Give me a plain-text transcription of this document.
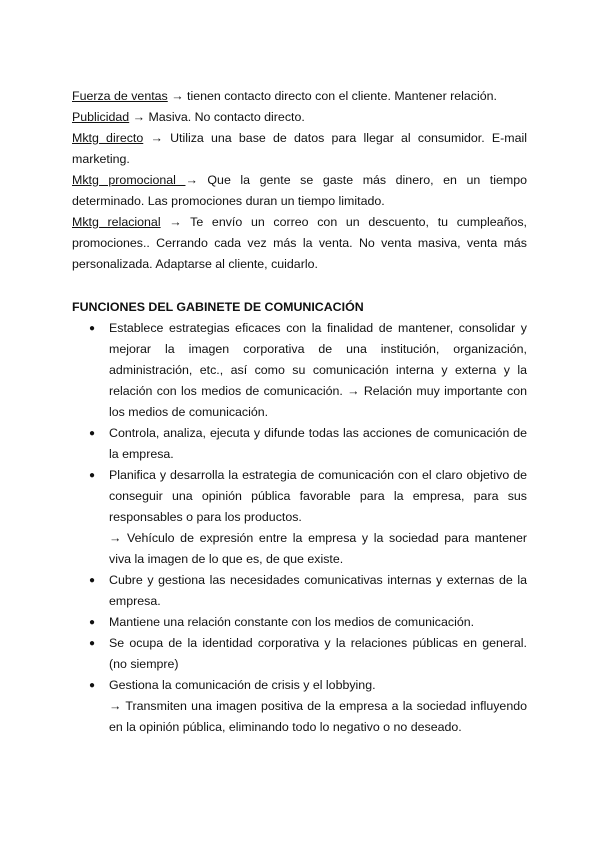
Fuerza de ventas → tienen contacto directo con el cliente. Mantener relación.

Publicidad → Masiva. No contacto directo.

Mktg directo → Utiliza una base de datos para llegar al consumidor. E-mail marketing.

Mktg promocional → Que la gente se gaste más dinero, en un tiempo determinado. Las promociones duran un tiempo limitado.

Mktg relacional → Te envío un correo con un descuento, tu cumpleaños, promociones.. Cerrando cada vez más la venta. No venta masiva, venta más personalizada. Adaptarse al cliente, cuidarlo.

FUNCIONES DEL GABINETE DE COMUNICACIÓN
● Establece estrategias eficaces con la finalidad de mantener, consolidar y mejorar la imagen corporativa de una institución, organización, administración, etc., así como su comunicación interna y externa y la relación con los medios de comunicación. → Relación muy importante con los medios de comunicación.
● Controla, analiza, ejecuta y difunde todas las acciones de comunicación de la empresa.
● Planifica y desarrolla la estrategia de comunicación con el claro objetivo de conseguir una opinión pública favorable para la empresa, para sus responsables o para los productos.
→ Vehículo de expresión entre la empresa y la sociedad para mantener viva la imagen de lo que es, de que existe.
● Cubre y gestiona las necesidades comunicativas internas y externas de la empresa.
● Mantiene una relación constante con los medios de comunicación.
● Se ocupa de la identidad corporativa y la relaciones públicas en general. (no siempre)
● Gestiona la comunicación de crisis y el lobbying.
→ Transmiten una imagen positiva de la empresa a la sociedad influyendo en la opinión pública, eliminando todo lo negativo o no deseado.
